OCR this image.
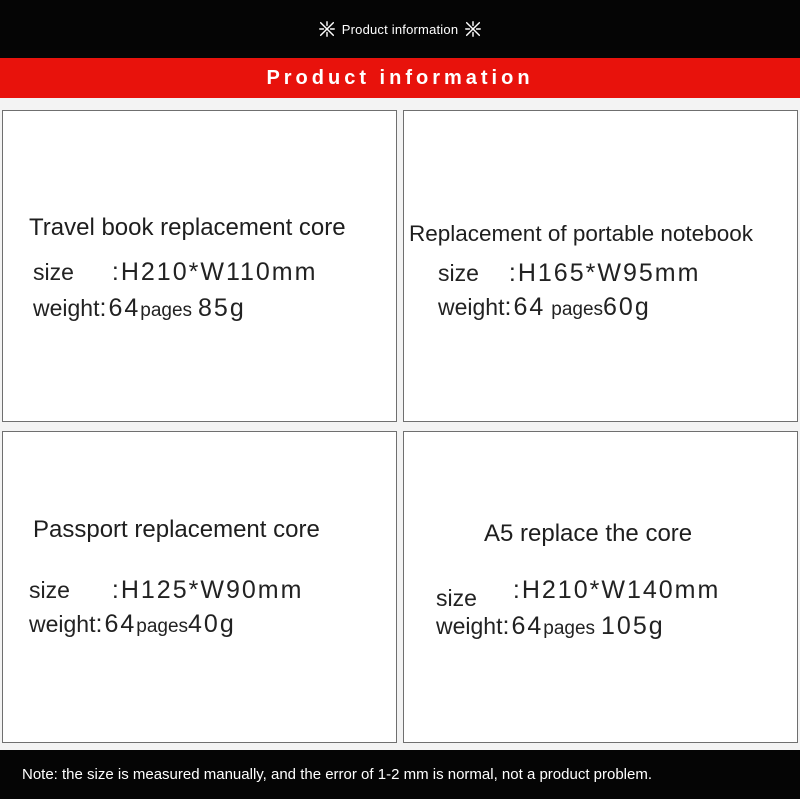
Product information
Product information
Travel book replacement core
size :H210*W110mm
weight : 64 pages 85g
Replacement of portable notebook
size :H165*W95mm
weight : 64 pages 60g
Passport replacement core
size :H125*W90mm
weight : 64 pages 40g
A5 replace the core
size :H210*W140mm
weight : 64 pages 105g
Note: the size is measured manually, and the error of 1-2 mm is normal, not a product problem.
